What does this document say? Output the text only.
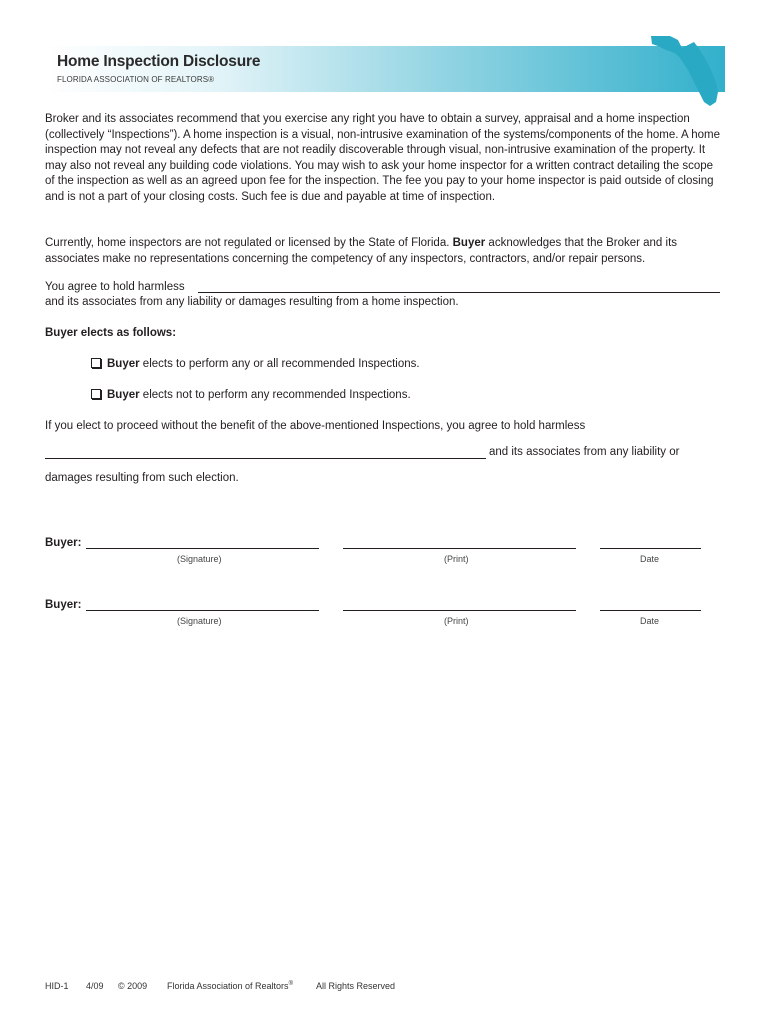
Home Inspection Disclosure
FLORIDA ASSOCIATION OF REALTORS®
Broker and its associates recommend that you exercise any right you have to obtain a survey, appraisal and a home inspection (collectively “Inspections”). A home inspection is a visual, non-intrusive examination of the systems/components of the home. A home inspection may not reveal any defects that are not readily discoverable through visual, non-intrusive examination of the property. It may also not reveal any building code violations. You may wish to ask your home inspector for a written contract detailing the scope of the inspection as well as an agreed upon fee for the inspection. The fee you pay to your home inspector is paid outside of closing and is not a part of your closing costs. Such fee is due and payable at time of inspection.
Currently, home inspectors are not regulated or licensed by the State of Florida. Buyer acknowledges that the Broker and its associates make no representations concerning the competency of any inspectors, contractors, and/or repair persons.
You agree to hold harmless
and its associates from any liability or damages resulting from a home inspection.
Buyer elects as follows:
Buyer elects to perform any or all recommended Inspections.
Buyer elects not to perform any recommended Inspections.
If you elect to proceed without the benefit of the above-mentioned Inspections, you agree to hold harmless
and its associates from any liability or
damages resulting from such election.
Buyer:
(Signature)	(Print)	Date
Buyer:
(Signature)	(Print)	Date
HID-1 4/09 © 2009 Florida Association of Realtors®	All Rights Reserved
